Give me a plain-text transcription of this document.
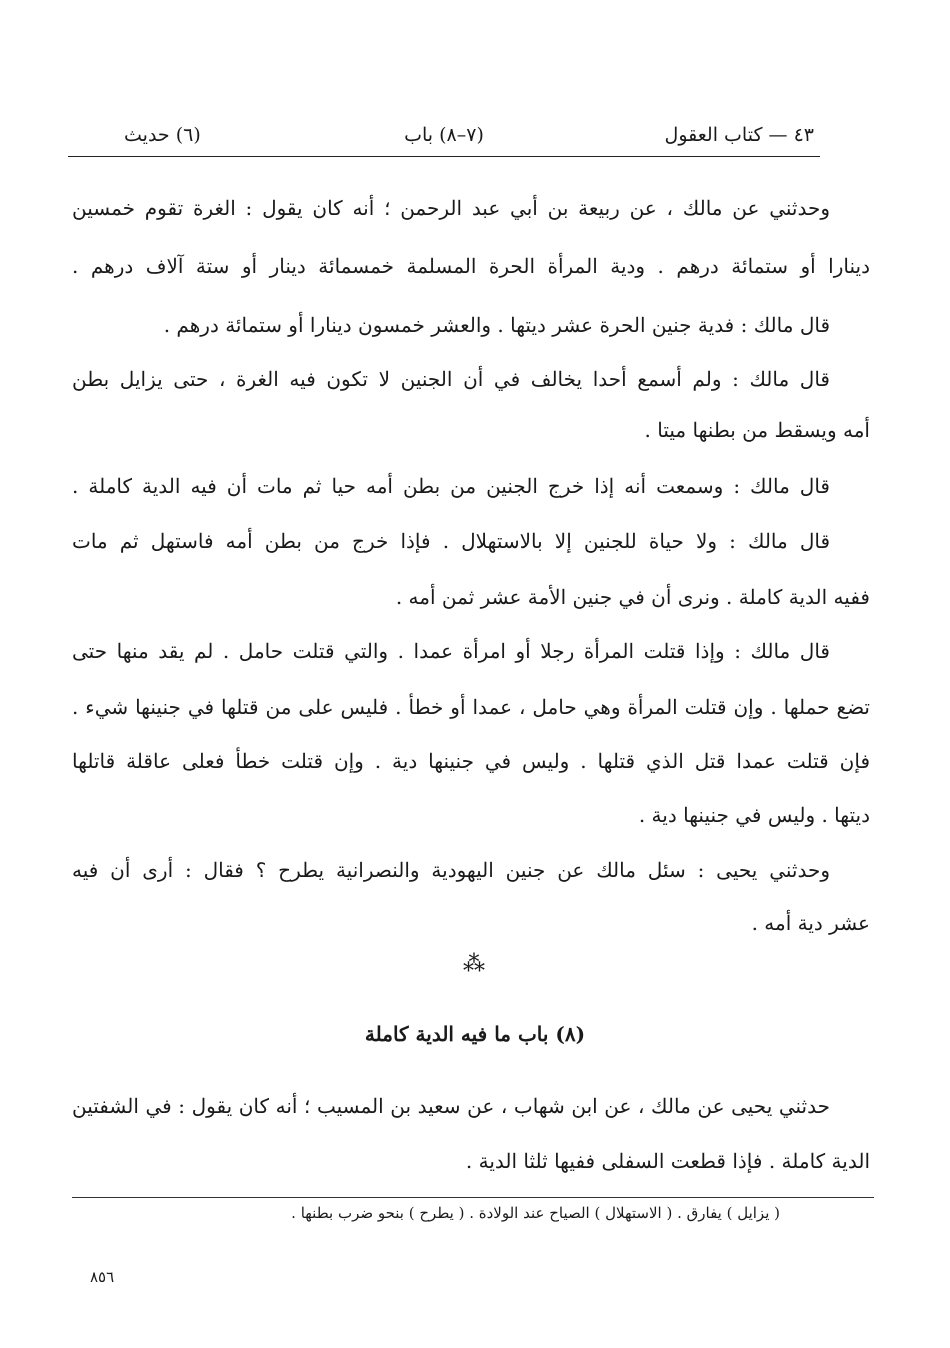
٤٣ — كتاب العقول
(٧–٨) باب
(٦) حديث
وحدثني عن مالك ، عن ربيعة بن أبي عبد الرحمن ؛ أنه كان يقول : الغرة تقوم خمسين
دينارا أو ستمائة درهم . ودية المرأة الحرة المسلمة خمسمائة دينار أو ستة آلاف درهم .
قال مالك : فدية جنين الحرة عشر ديتها . والعشر خمسون دينارا أو ستمائة درهم .
قال مالك : ولم أسمع أحدا يخالف في أن الجنين لا تكون فيه الغرة ، حتى يزايل بطن
أمه ويسقط من بطنها ميتا .
قال مالك : وسمعت أنه إذا خرج الجنين من بطن أمه حيا ثم مات أن فيه الدية كاملة .
قال مالك : ولا حياة للجنين إلا بالاستهلال . فإذا خرج من بطن أمه فاستهل ثم مات
ففيه الدية كاملة . ونرى أن في جنين الأمة عشر ثمن أمه .
قال مالك : وإذا قتلت المرأة رجلا أو امرأة عمدا . والتي قتلت حامل . لم يقد منها حتى
تضع حملها . وإن قتلت المرأة وهي حامل ، عمدا أو خطأ . فليس على من قتلها في جنينها شيء .
فإن قتلت عمدا قتل الذي قتلها . وليس في جنينها دية . وإن قتلت خطأ فعلى عاقلة قاتلها
ديتها . وليس في جنينها دية .
وحدثني يحيى : سئل مالك عن جنين اليهودية والنصرانية يطرح ؟ فقال : أرى أن فيه
عشر دية أمه .
⁂
(٨) باب ما فيه الدية كاملة
حدثني يحيى عن مالك ، عن ابن شهاب ، عن سعيد بن المسيب ؛ أنه كان يقول : في الشفتين
الدية كاملة . فإذا قطعت السفلى ففيها ثلثا الدية .
( يزايل ) يفارق . ( الاستهلال ) الصياح عند الولادة . ( يطرح ) بنحو ضرب بطنها .
٨٥٦
